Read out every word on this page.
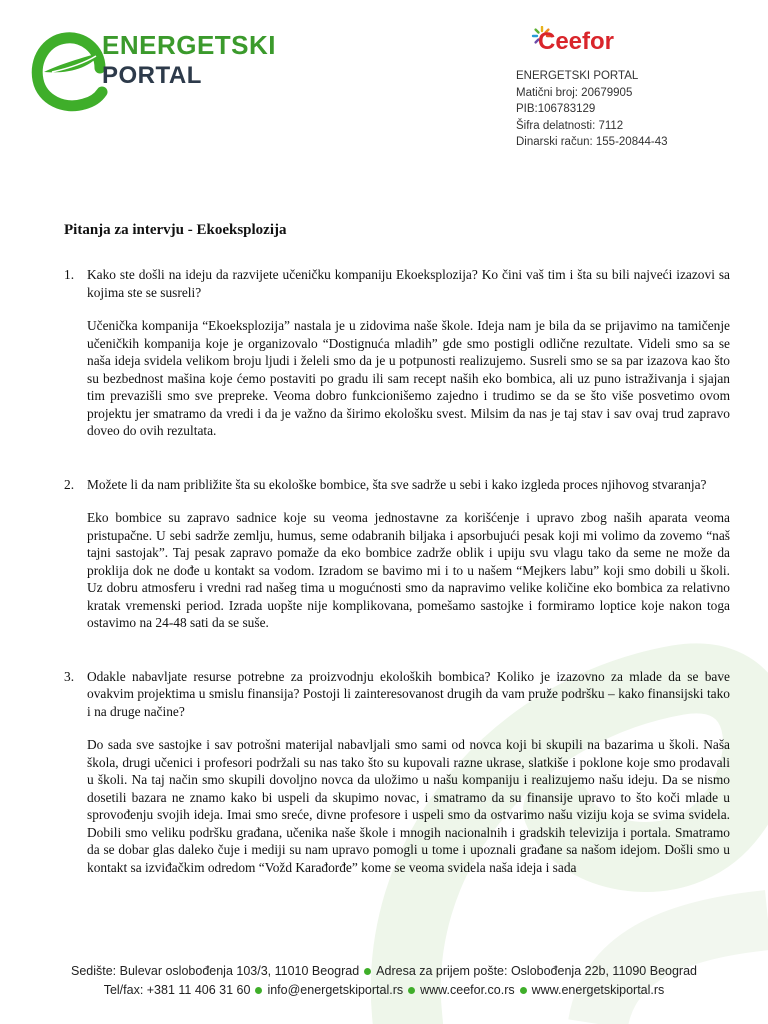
ENERGETSKI
PORTAL
Ceefor
ENERGETSKI PORTAL
Matični broj: 20679905
PIB:106783129
Šifra delatnosti: 7112
Dinarski račun: 155-20844-43
Pitanja za intervju - Ekoeksplozija
1. Kako ste došli na ideju da razvijete učeničku kompaniju Ekoeksplozija? Ko čini vaš tim i šta su bili najveći izazovi sa kojima ste se susreli?

Učenička kompanija “Ekoeksplozija” nastala je u zidovima naše škole. Ideja nam je bila da se prijavimo na tamičenje učeničkih kompanija koje je organizovalo “Dostignuća mladih” gde smo postigli odlične rezultate. Videli smo sa se naša ideja svidela velikom broju ljudi i želeli smo da je u potpunosti realizujemo. Susreli smo se sa par izazova kao što su bezbednost mašina koje ćemo postaviti po gradu ili sam recept naših eko bombica, ali uz puno istraživanja i sjajan tim prevazišli smo sve prepreke. Veoma dobro funkcionišemo zajedno i trudimo se da se što više posvetimo ovom projektu jer smatramo da vredi i da je važno da širimo ekološku svest. Milsim da nas je taj stav i sav ovaj trud zapravo doveo do ovih rezultata.

2. Možete li da nam približite šta su ekološke bombice, šta sve sadrže u sebi i kako izgleda proces njihovog stvaranja?

Eko bombice su zapravo sadnice koje su veoma jednostavne za korišćenje i upravo zbog naših aparata veoma pristupačne. U sebi sadrže zemlju, humus, seme odabranih biljaka i apsorbujući pesak koji mi volimo da zovemo “naš tajni sastojak”. Taj pesak zapravo pomaže da eko bombice zadrže oblik i upiju svu vlagu tako da seme ne može da proklija dok ne dođe u kontakt sa vodom. Izradom se bavimo mi i to u našem “Mejkers labu” koji smo dobili u školi. Uz dobru atmosferu i vredni rad našeg tima u mogućnosti smo da napravimo velike količine eko bombica za relativno kratak vremenski period. Izrada uopšte nije komplikovana, pomešamo sastojke i formiramo loptice koje nakon toga ostavimo na 24-48 sati da se suše.

3. Odakle nabavljate resurse potrebne za proizvodnju ekoloških bombica? Koliko je izazovno za mlade da se bave ovakvim projektima u smislu finansija? Postoji li zainteresovanost drugih da vam pruže podršku – kako finansijski tako i na druge načine?

Do sada sve sastojke i sav potrošni materijal nabavljali smo sami od novca koji bi skupili na bazarima u školi. Naša škola, drugi učenici i profesori podržali su nas tako što su kupovali razne ukrase, slatkiše i poklone koje smo prodavali u školi. Na taj način smo skupili dovoljno novca da uložimo u našu kompaniju i realizujemo našu ideju. Da se nismo dosetili bazara ne znamo kako bi uspeli da skupimo novac, i smatramo da su finansije upravo to što koči mlade u sprovođenju svojih ideja. Imai smo sreće, divne profesore i uspeli smo da ostvarimo našu viziju koja se svima svidela. Dobili smo veliku podršku građana, učenika naše škole i mnogih nacionalnih i gradskih televizija i portala. Smatramo da se dobar glas daleko čuje i mediji su nam upravo pomogli u tome i upoznali građane sa našom idejom. Došli smo u kontakt sa izviđačkim odredom “Vožd Karađorđe” kome se veoma svidela naša ideja i sada

Sedište: Bulevar oslobođenja 103/3, 11010 Beograd Adresa za prijem pošte: Oslobođenja 22b, 11090 Beograd
Tel/fax: +381 11 406 31 60 info@energetskiportal.rs www.ceefor.co.rs www.energetskiportal.rs
